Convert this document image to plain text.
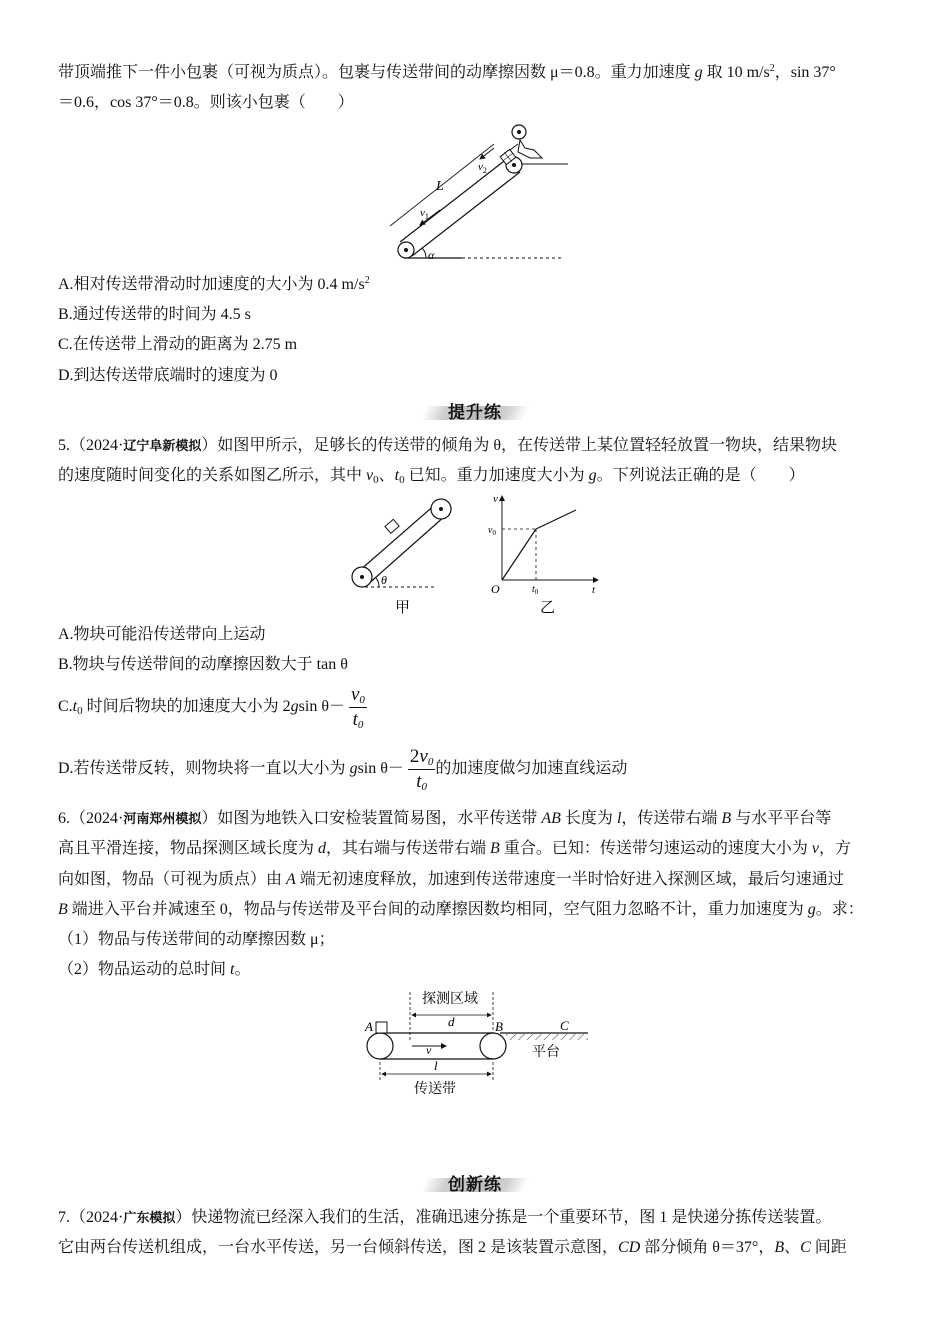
带顶端推下一件小包裹（可视为质点）。包裹与传送带间的动摩擦因数 μ＝0.8。重力加速度 g 取 10 $m/s^2$，sin 37°
＝0.6，cos 37°＝0.8。则该小包裹（　　）
α
L
$v_1$
$v_2$
A.相对传送带滑动时加速度的大小为 0.4 $m/s^2$
B.通过传送带的时间为 4.5 s
C.在传送带上滑动的距离为 2.75 m
D.到达传送带底端时的速度为 0
提升练
5.（2024·辽宁阜新模拟）如图甲所示，足够长的传送带的倾角为 θ，在传送带上某位置轻轻放置一物块，结果物块
的速度随时间变化的关系如图乙所示，其中 $v_0$、$t_0$ 已知。重力加速度大小为 g。下列说法正确的是（　　）
θ
甲
v
t
O
$v_0$
$t_0$
乙
A.物块可能沿传送带向上运动
B.物块与传送带间的动摩擦因数大于 tan θ
$C.t_0$ 时间后物块的加速度大小为 2gsin $\theta- \frac{v_0}{t_0}$
D.若传送带反转，则物块将一直以大小为 gsin $\theta- \frac{2v_0}{t_0}$ 的加速度做匀加速直线运动
6.（2024·河南郑州模拟）如图为地铁入口安检装置简易图，水平传送带 AB 长度为 l，传送带右端 B 与水平平台等
高且平滑连接，物品探测区域长度为 d，其右端与传送带右端 B 重合。已知：传送带匀速运动的速度大小为 v，方
向如图，物品（可视为质点）由 A 端无初速度释放，加速到传送带速度一半时恰好进入探测区域，最后匀速通过
B 端进入平台并减速至 0，物品与传送带及平台间的动摩擦因数均相同，空气阻力忽略不计，重力加速度为 g。求：
（1）物品与传送带间的动摩擦因数 μ；
（2）物品运动的总时间 t。
探测区域
d
A	B	C
v	平台
l
传送带
创新练
7.（2024·广东模拟）快递物流已经深入我们的生活，准确迅速分拣是一个重要环节，图 1 是快递分拣传送装置。
它由两台传送机组成，一台水平传送，另一台倾斜传送，图 2 是该装置示意图，CD 部分倾角 θ＝37°，B、C 间距
